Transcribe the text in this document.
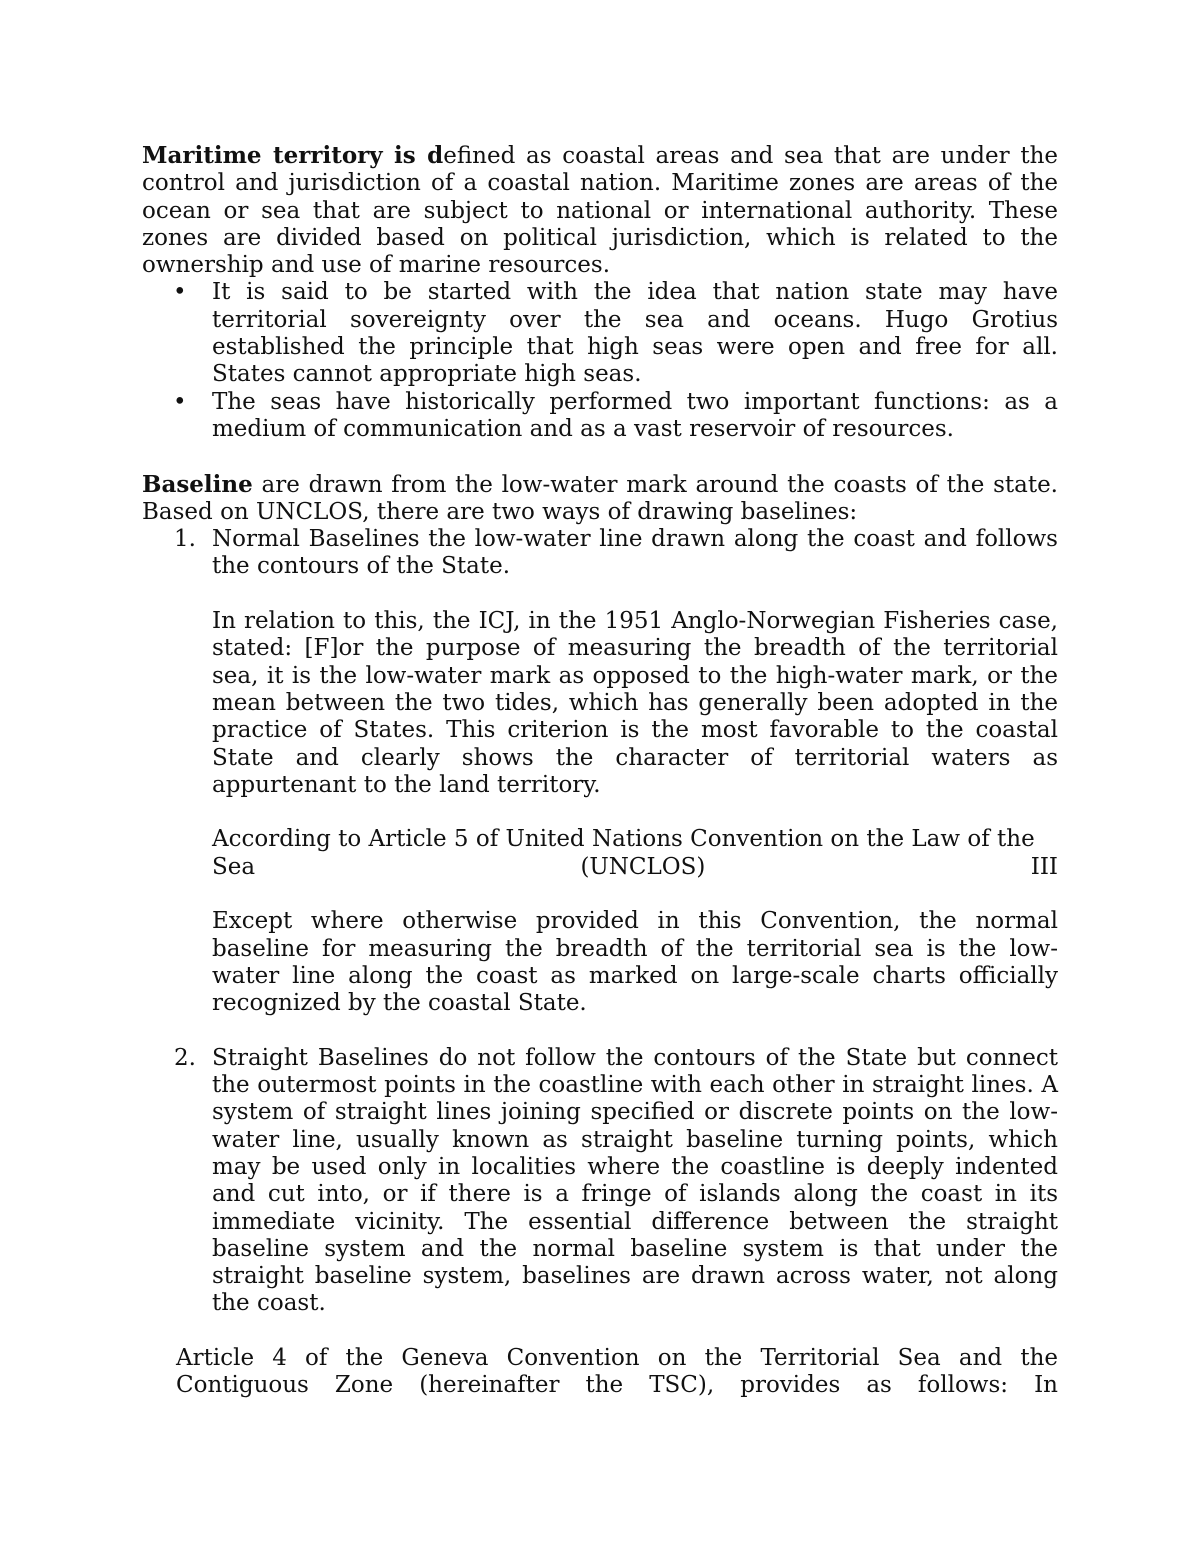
Maritime territory is defined as coastal areas and sea that are under the control and jurisdiction of a coastal nation. Maritime zones are areas of the ocean or sea that are subject to national or international authority. These zones are divided based on political jurisdiction, which is related to the ownership and use of marine resources.

• It is said to be started with the idea that nation state may have territorial sovereignty over the sea and oceans. Hugo Grotius established the principle that high seas were open and free for all. States cannot appropriate high seas.
• The seas have historically performed two important functions: as a medium of communication and as a vast reservoir of resources.

Baseline are drawn from the low-water mark around the coasts of the state. Based on UNCLOS, there are two ways of drawing baselines:

1. Normal Baselines the low-water line drawn along the coast and follows the contours of the State.
In relation to this, the ICJ, in the 1951 Anglo-Norwegian Fisheries case, stated: [F]or the purpose of measuring the breadth of the territorial sea, it is the low-water mark as opposed to the high-water mark, or the mean between the two tides, which has generally been adopted in the practice of States. This criterion is the most favorable to the coastal State and clearly shows the character of territorial waters as appurtenant to the land territory.
According to Article 5 of United Nations Convention on the Law of the
Sea	(UNCLOS)	III
Except where otherwise provided in this Convention, the normal baseline for measuring the breadth of the territorial sea is the low-water line along the coast as marked on large-scale charts officially recognized by the coastal State.
2. Straight Baselines do not follow the contours of the State but connect the outermost points in the coastline with each other in straight lines. A system of straight lines joining specified or discrete points on the low-water line, usually known as straight baseline turning points, which may be used only in localities where the coastline is deeply indented and cut into, or if there is a fringe of islands along the coast in its immediate vicinity. The essential difference between the straight baseline system and the normal baseline system is that under the straight baseline system, baselines are drawn across water, not along the coast.

Article 4 of the Geneva Convention on the Territorial Sea and the Contiguous Zone (hereinafter the TSC), provides as follows: In
